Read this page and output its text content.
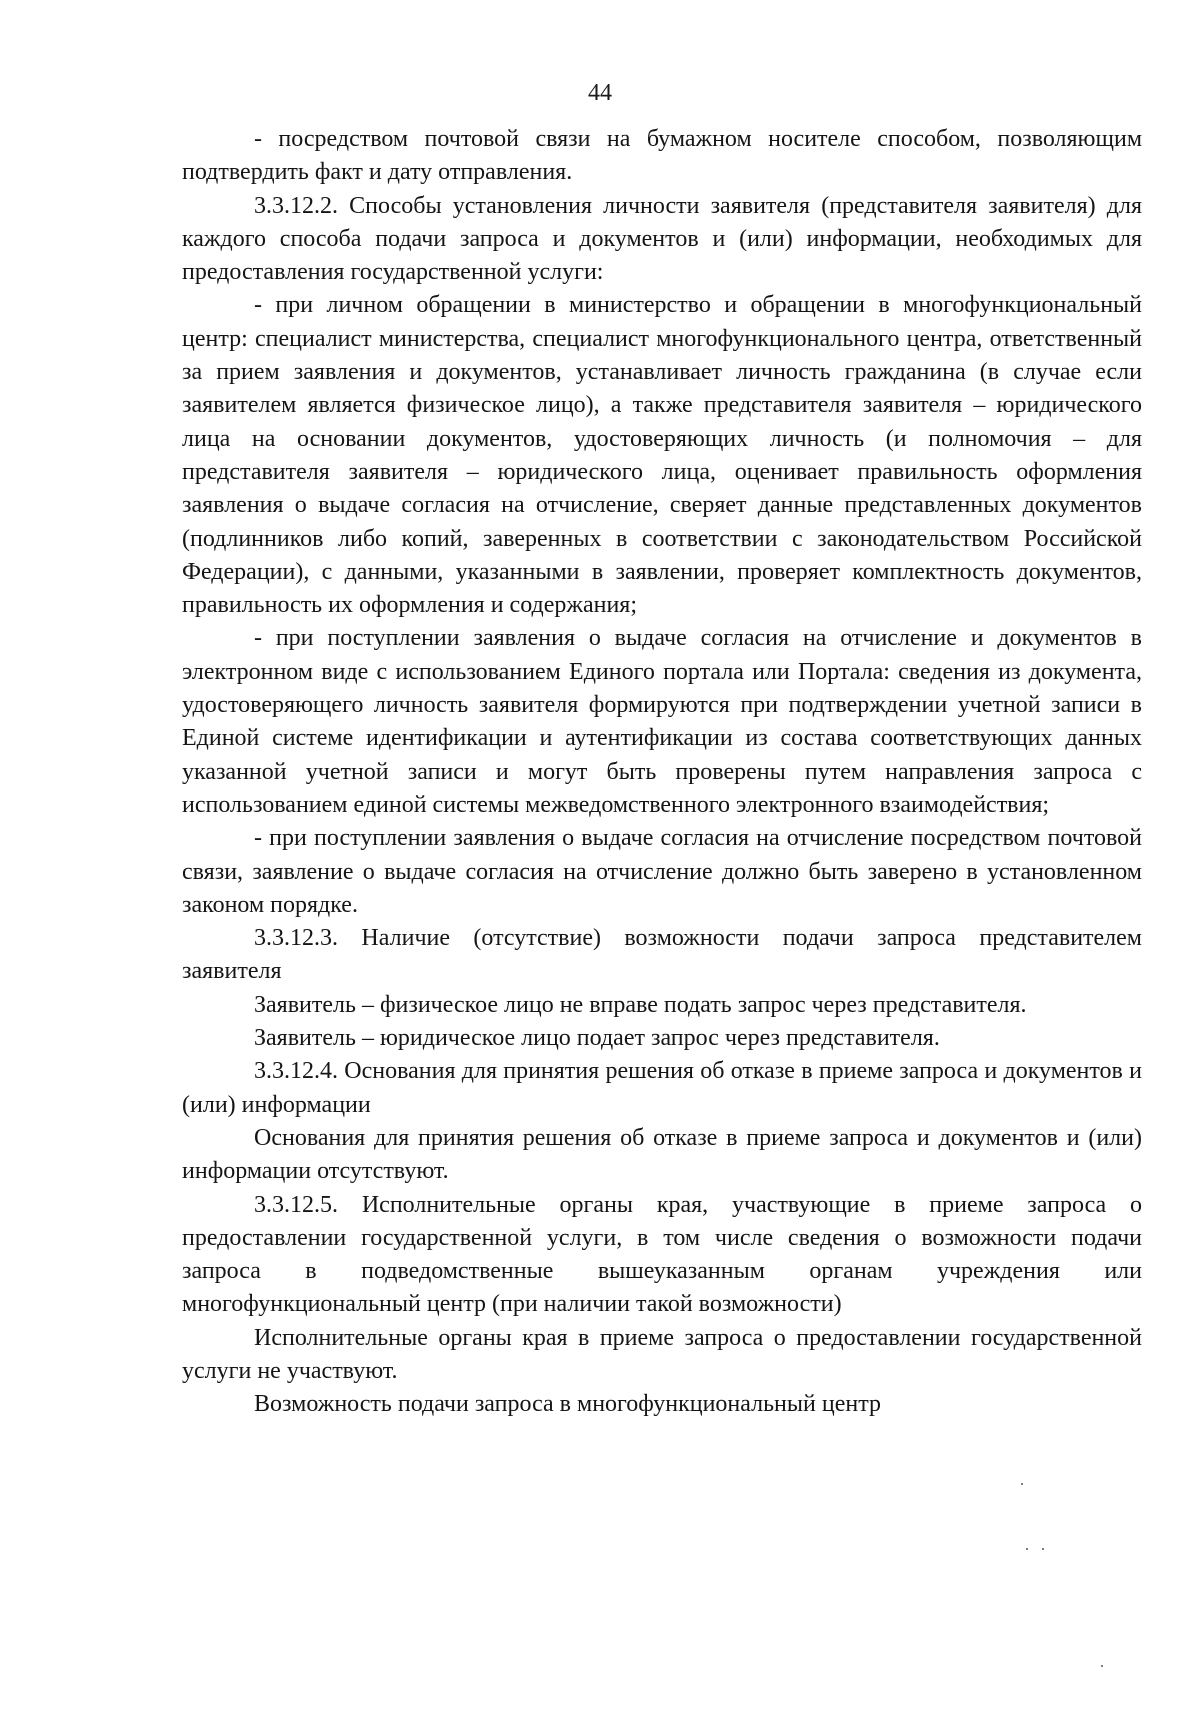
44

- посредством почтовой связи на бумажном носителе способом, позволяющим подтвердить факт и дату отправления.

3.3.12.2. Способы установления личности заявителя (представителя заявителя) для каждого способа подачи запроса и документов и (или) информации, необходимых для предоставления государственной услуги:

- при личном обращении в министерство и обращении в многофункциональный центр: специалист министерства, специалист многофункционального центра, ответственный за прием заявления и документов, устанавливает личность гражданина (в случае если заявителем является физическое лицо), а также представителя заявителя – юридического лица на основании документов, удостоверяющих личность (и полномочия – для представителя заявителя – юридического лица, оценивает правильность оформления заявления о выдаче согласия на отчисление, сверяет данные представленных документов (подлинников либо копий, заверенных в соответствии с законодательством Российской Федерации), с данными, указанными в заявлении, проверяет комплектность документов, правильность их оформления и содержания;

- при поступлении заявления о выдаче согласия на отчисление и документов в электронном виде с использованием Единого портала или Портала: сведения из документа, удостоверяющего личность заявителя формируются при подтверждении учетной записи в Единой системе идентификации и аутентификации из состава соответствующих данных указанной учетной записи и могут быть проверены путем направления запроса с использованием единой системы межведомственного электронного взаимодействия;

- при поступлении заявления о выдаче согласия на отчисление посредством почтовой связи, заявление о выдаче согласия на отчисление должно быть заверено в установленном законом порядке.

3.3.12.3. Наличие (отсутствие) возможности подачи запроса представителем заявителя

Заявитель – физическое лицо не вправе подать запрос через представителя.

Заявитель – юридическое лицо подает запрос через представителя.

3.3.12.4. Основания для принятия решения об отказе в приеме запроса и документов и (или) информации

Основания для принятия решения об отказе в приеме запроса и документов и (или) информации отсутствуют.

3.3.12.5. Исполнительные органы края, участвующие в приеме запроса о предоставлении государственной услуги, в том числе сведения о возможности подачи запроса в подведомственные вышеуказанным органам учреждения или многофункциональный центр (при наличии такой возможности)

Исполнительные органы края в приеме запроса о предоставлении государственной услуги не участвуют.

Возможность подачи запроса в многофункциональный центр
